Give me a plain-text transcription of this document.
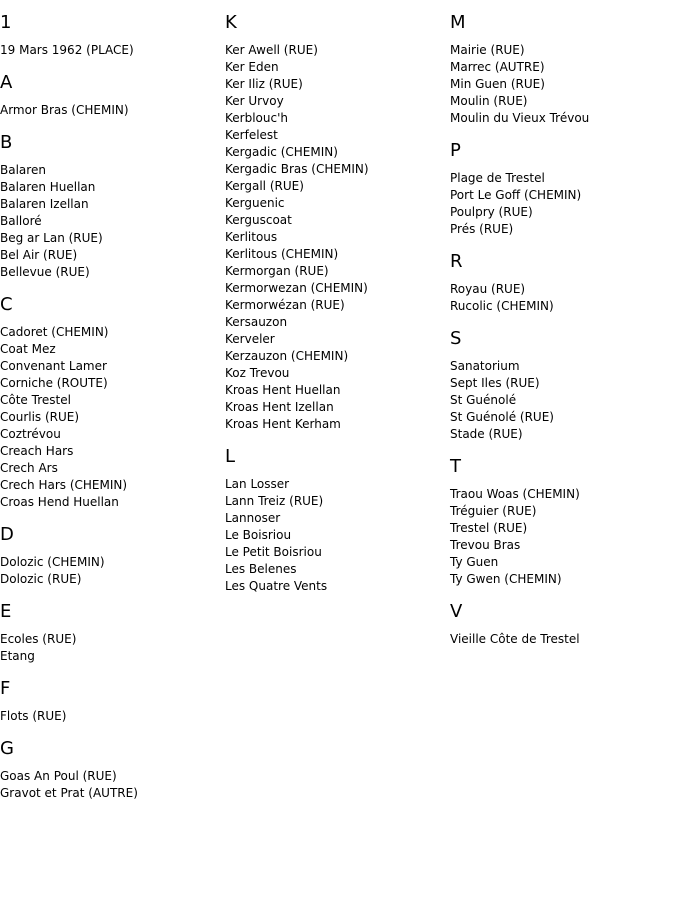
1
19 Mars 1962 (PLACE)
A
Armor Bras (CHEMIN)
B
Balaren
Balaren Huellan
Balaren Izellan
Balloré
Beg ar Lan (RUE)
Bel Air (RUE)
Bellevue (RUE)
C
Cadoret (CHEMIN)
Coat Mez
Convenant Lamer
Corniche (ROUTE)
Côte Trestel
Courlis (RUE)
Coztrévou
Creach Hars
Crech Ars
Crech Hars (CHEMIN)
Croas Hend Huellan
D
Dolozic (CHEMIN)
Dolozic (RUE)
E
Ecoles (RUE)
Etang
F
Flots (RUE)
G
Goas An Poul (RUE)
Gravot et Prat (AUTRE)
K
Ker Awell (RUE)
Ker Eden
Ker Iliz (RUE)
Ker Urvoy
Kerblouc'h
Kerfelest
Kergadic (CHEMIN)
Kergadic Bras (CHEMIN)
Kergall (RUE)
Kerguenic
Kerguscoat
Kerlitous
Kerlitous (CHEMIN)
Kermorgan (RUE)
Kermorwezan (CHEMIN)
Kermorwézan (RUE)
Kersauzon
Kerveler
Kerzauzon (CHEMIN)
Koz Trevou
Kroas Hent Huellan
Kroas Hent Izellan
Kroas Hent Kerham
L
Lan Losser
Lann Treiz (RUE)
Lannoser
Le Boisriou
Le Petit Boisriou
Les Belenes
Les Quatre Vents
M
Mairie (RUE)
Marrec (AUTRE)
Min Guen (RUE)
Moulin (RUE)
Moulin du Vieux Trévou
P
Plage de Trestel
Port Le Goff (CHEMIN)
Poulpry (RUE)
Prés (RUE)
R
Royau (RUE)
Rucolic (CHEMIN)
S
Sanatorium
Sept Iles (RUE)
St Guénolé
St Guénolé (RUE)
Stade (RUE)
T
Traou Woas (CHEMIN)
Tréguier (RUE)
Trestel (RUE)
Trevou Bras
Ty Guen
Ty Gwen (CHEMIN)
V
Vieille Côte de Trestel
